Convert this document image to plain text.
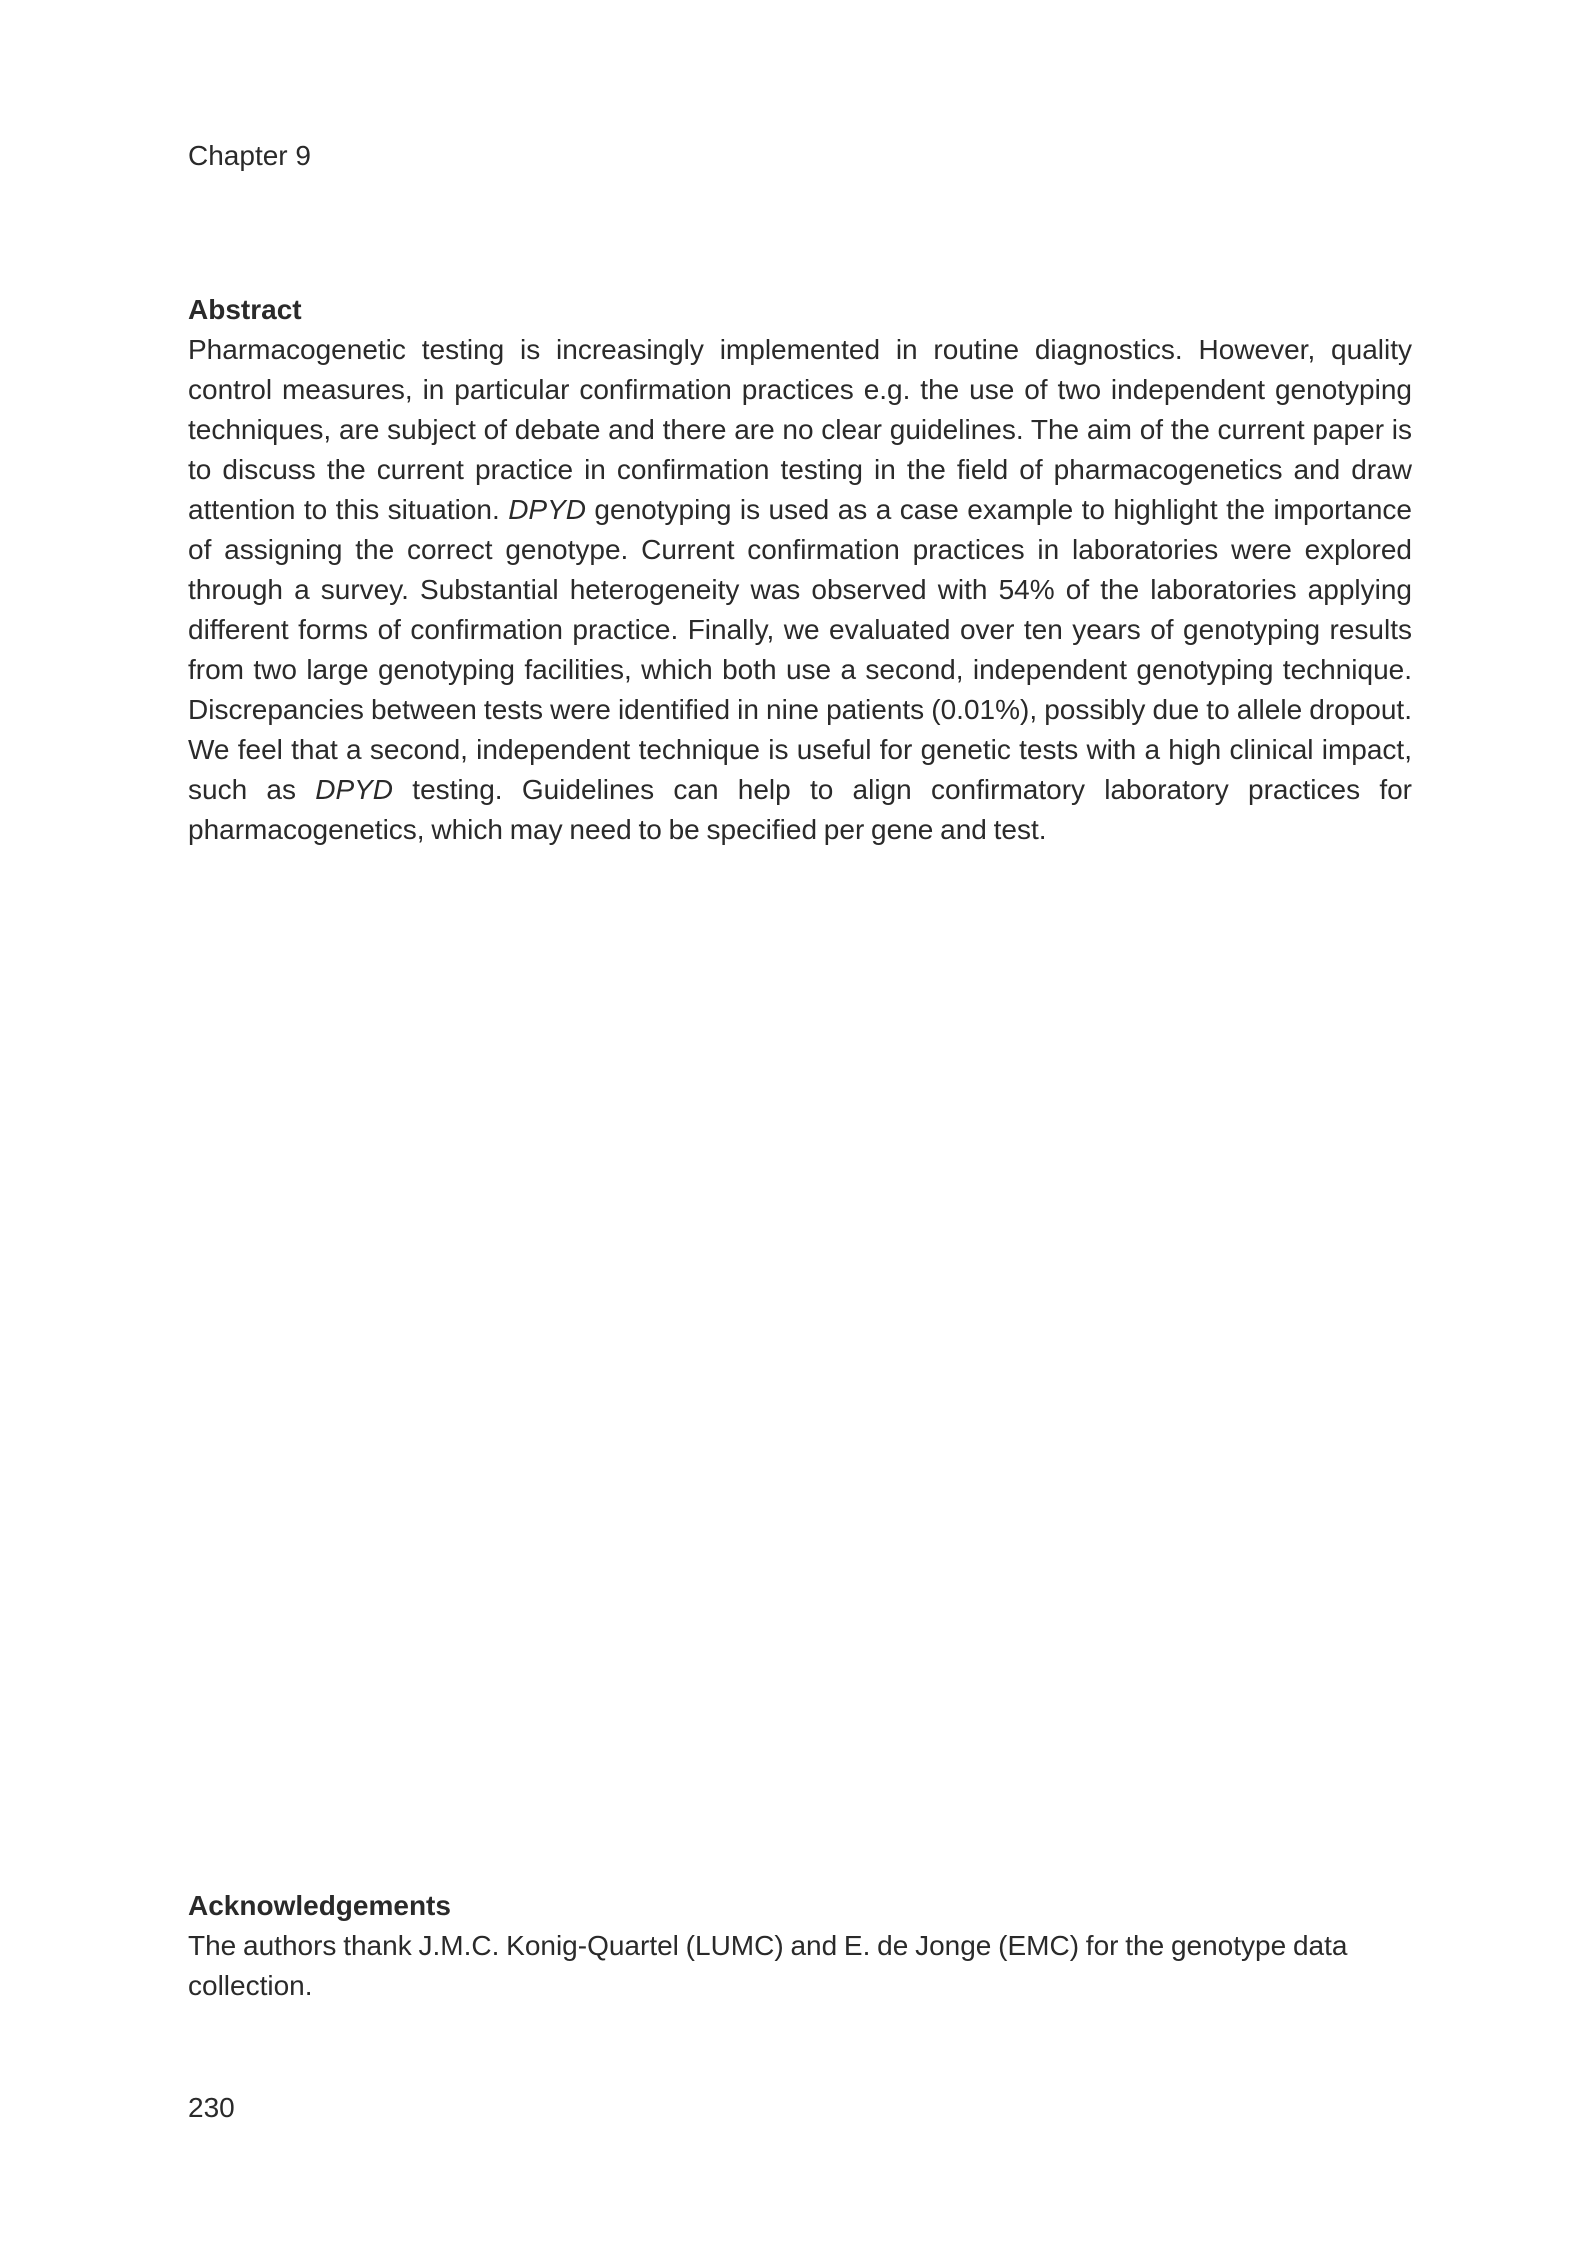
Chapter 9
Abstract

Pharmacogenetic testing is increasingly implemented in routine diagnostics. However, quality control measures, in particular confirmation practices e.g. the use of two independent genotyping techniques, are subject of debate and there are no clear guidelines. The aim of the current paper is to discuss the current practice in confirmation testing in the field of pharmacogenetics and draw attention to this situation. DPYD genotyping is used as a case example to highlight the importance of assigning the correct genotype. Current confirmation practices in laboratories were explored through a survey. Substantial heterogeneity was observed with 54% of the laboratories applying different forms of confirmation practice. Finally, we evaluated over ten years of genotyping results from two large genotyping facilities, which both use a second, independent genotyping technique. Discrepancies between tests were identified in nine patients (0.01%), possibly due to allele dropout. We feel that a second, independent technique is useful for genetic tests with a high clinical impact, such as DPYD testing. Guidelines can help to align confirmatory laboratory practices for pharmacogenetics, which may need to be specified per gene and test.

Acknowledgements

The authors thank J.M.C. Konig-Quartel (LUMC) and E. de Jonge (EMC) for the genotype data collection.

230
